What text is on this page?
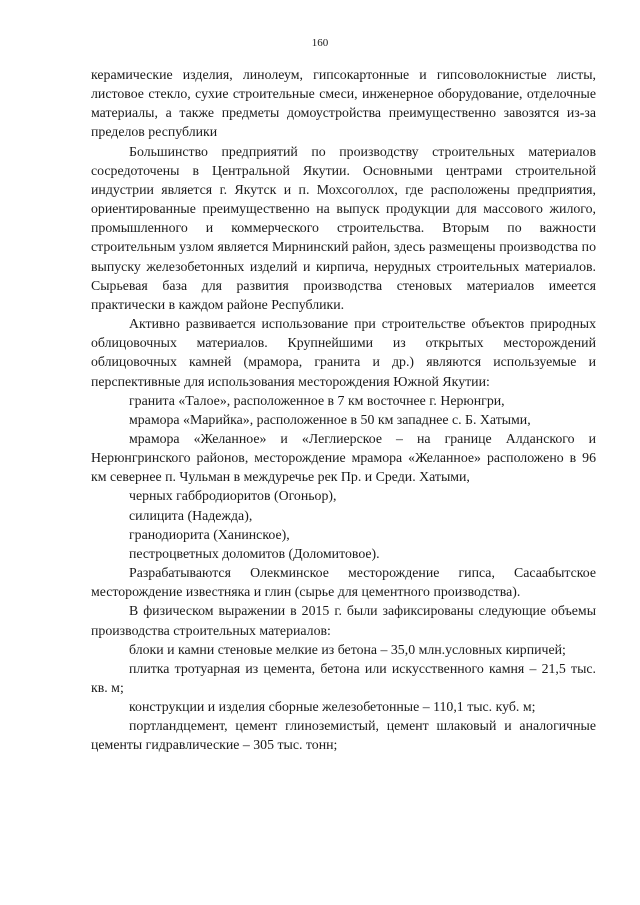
160

керамические изделия, линолеум, гипсокартонные и гипсоволокнистые листы, листовое стекло, сухие строительные смеси, инженерное оборудование, отделочные материалы, а также предметы домоустройства преимущественно завозятся из-за пределов республики

Большинство предприятий по производству строительных материалов сосредоточены в Центральной Якутии. Основными центрами строительной индустрии является г. Якутск и п. Мохсоголлох, где расположены предприятия, ориентированные преимущественно на выпуск продукции для массового жилого, промышленного и коммерческого строительства. Вторым по важности строительным узлом является Мирнинский район, здесь размещены производства по выпуску железобетонных изделий и кирпича, нерудных строительных материалов. Сырьевая база для развития производства стеновых материалов имеется практически в каждом районе Республики.

Активно развивается использование при строительстве объектов природных облицовочных материалов. Крупнейшими из открытых месторождений облицовочных камней (мрамора, гранита и др.) являются используемые и перспективные для использования месторождения Южной Якутии:

гранита «Талое», расположенное в 7 км восточнее г. Нерюнгри,

мрамора «Марийка», расположенное в 50 км западнее с. Б. Хатыми,

мрамора «Желанное» и «Леглиерское – на границе Алданского и Нерюнгринского районов, месторождение мрамора «Желанное» расположено в 96 км севернее п. Чульман в междуречье рек Пр. и Среди. Хатыми,

черных габбродиоритов (Огоньор),

силицита (Надежда),

гранодиорита (Ханинское),

пестроцветных доломитов (Доломитовое).

Разрабатываются Олекминское месторождение гипса, Сасаабытское месторождение известняка и глин (сырье для цементного производства).

В физическом выражении в 2015 г. были зафиксированы следующие объемы производства строительных материалов:

блоки и камни стеновые мелкие из бетона – 35,0 млн.условных кирпичей;

плитка тротуарная из цемента, бетона или искусственного камня – 21,5 тыс. кв. м;

конструкции и изделия сборные железобетонные – 110,1 тыс. куб. м;

портландцемент, цемент глиноземистый, цемент шлаковый и аналогичные цементы гидравлические – 305 тыс. тонн;
